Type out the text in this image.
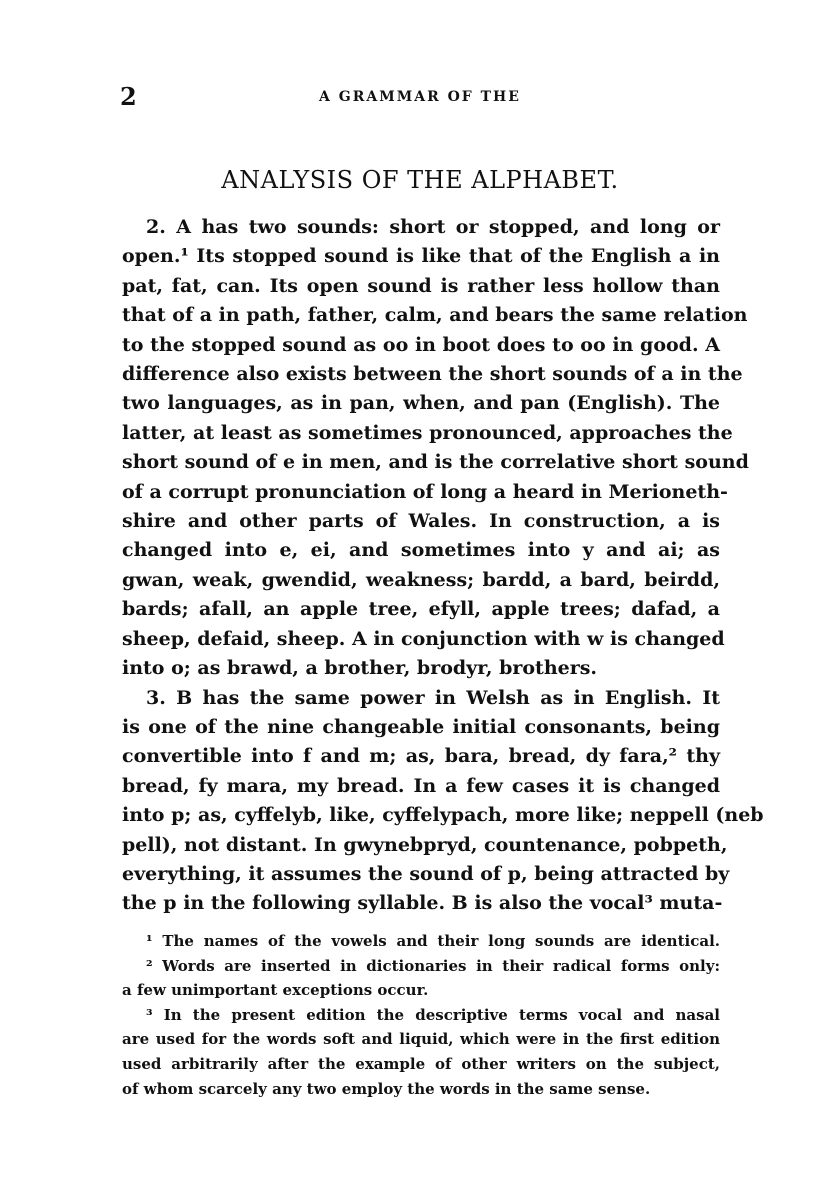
2	A GRAMMAR OF THE
ANALYSIS OF THE ALPHABET.
2. A has two sounds: short or stopped, and long or
open.¹ Its stopped sound is like that of the English a in
pat, fat, can. Its open sound is rather less hollow than
that of a in path, father, calm, and bears the same relation
to the stopped sound as oo in boot does to oo in good. A
difference also exists between the short sounds of a in the
two languages, as in pan, when, and pan (English). The
latter, at least as sometimes pronounced, approaches the
short sound of e in men, and is the correlative short sound
of a corrupt pronunciation of long a heard in Merioneth-
shire and other parts of Wales. In construction, a is
changed into e, ei, and sometimes into y and ai; as
gwan, weak, gwendid, weakness; bardd, a bard, beirdd,
bards; afall, an apple tree, efyll, apple trees; dafad, a
sheep, defaid, sheep. A in conjunction with w is changed
into o; as brawd, a brother, brodyr, brothers.
3. B has the same power in Welsh as in English. It
is one of the nine changeable initial consonants, being
convertible into f and m; as, bara, bread, dy fara,² thy
bread, fy mara, my bread. In a few cases it is changed
into p; as, cyffelyb, like, cyffelypach, more like; neppell (neb
pell), not distant. In gwynebpryd, countenance, pobpeth,
everything, it assumes the sound of p, being attracted by
the p in the following syllable. B is also the vocal³ muta-
¹ The names of the vowels and their long sounds are identical.
² Words are inserted in dictionaries in their radical forms only:
a few unimportant exceptions occur.
³ In the present edition the descriptive terms vocal and nasal
are used for the words soft and liquid, which were in the first edition
used arbitrarily after the example of other writers on the subject,
of whom scarcely any two employ the words in the same sense.
